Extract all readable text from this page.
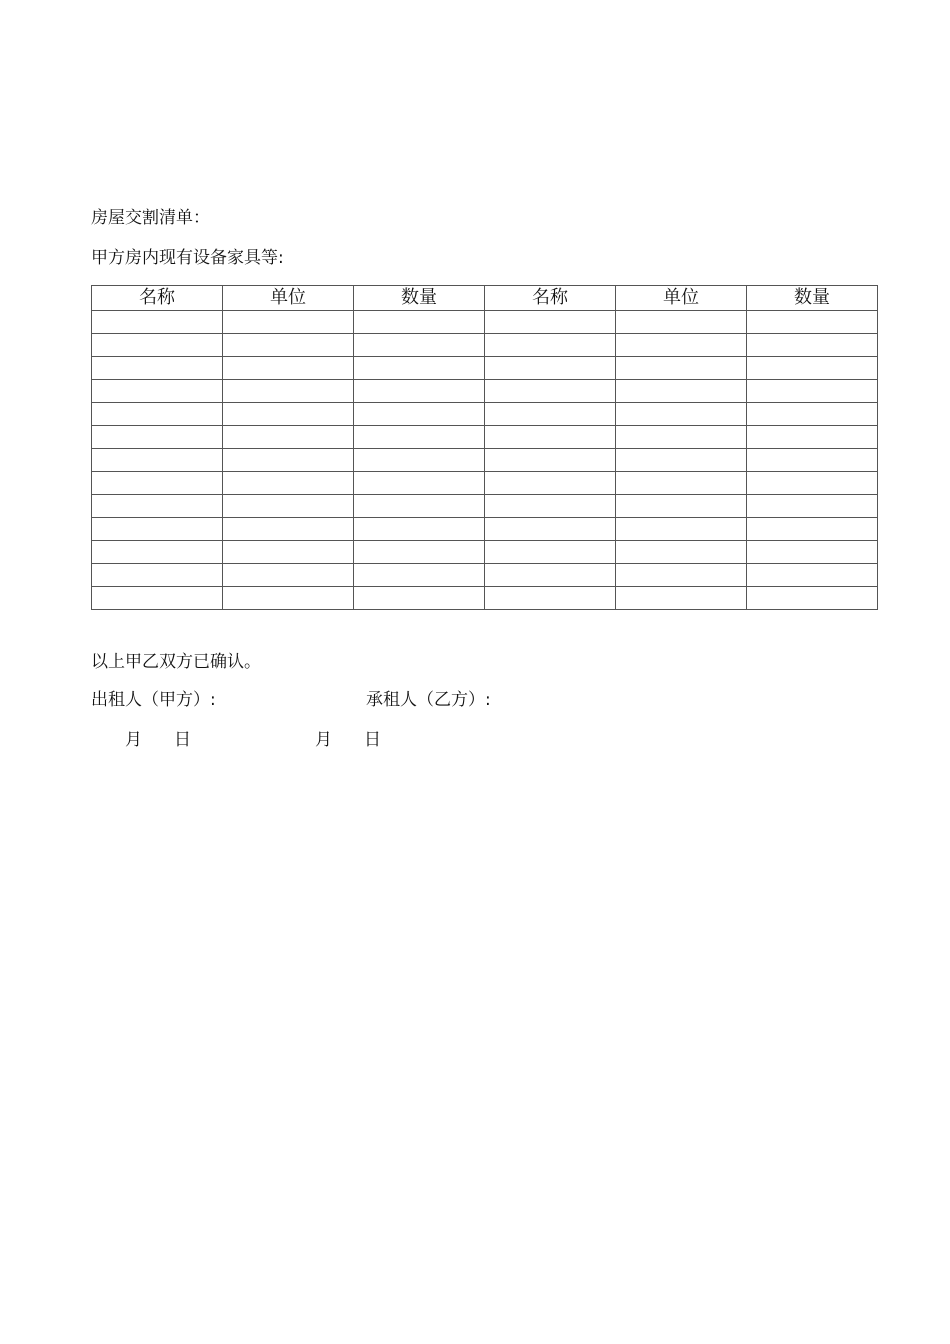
房屋交割清单：
甲方房内现有设备家具等:
名称	单位	数量	名称	单位	数量

以上甲乙双方已确认。
出租人（甲方）:	承租人（乙方）:
月 日	月 日
